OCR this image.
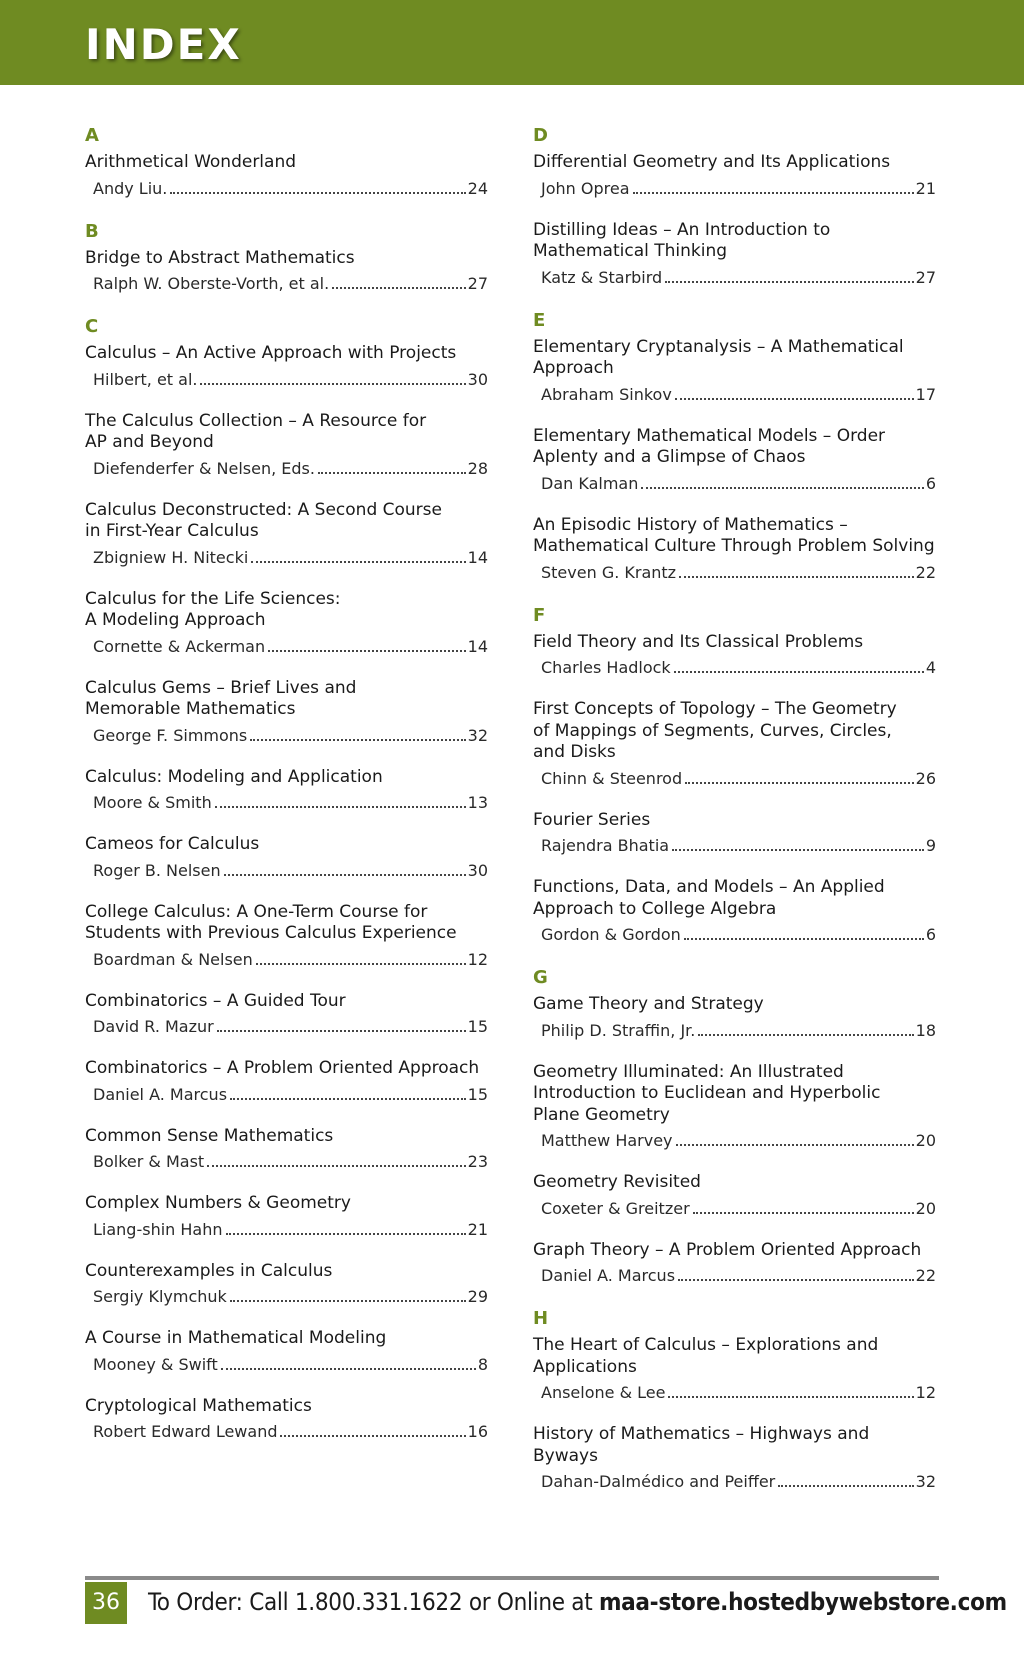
INDEX
A
Arithmetical Wonderland
Andy Liu.	24
B
Bridge to Abstract Mathematics
Ralph W. Oberste-Vorth, et al.	27
C
Calculus – An Active Approach with Projects
Hilbert, et al.	30
The Calculus Collection – A Resource for
AP and Beyond
Diefenderfer & Nelsen, Eds.	28
Calculus Deconstructed: A Second Course
in First-Year Calculus
Zbigniew H. Nitecki	14
Calculus for the Life Sciences:
A Modeling Approach
Cornette & Ackerman	14
Calculus Gems – Brief Lives and
Memorable Mathematics
George F. Simmons	32
Calculus: Modeling and Application
Moore & Smith	13
Cameos for Calculus
Roger B. Nelsen	30
College Calculus: A One-Term Course for
Students with Previous Calculus Experience
Boardman & Nelsen	12
Combinatorics – A Guided Tour
David R. Mazur	15
Combinatorics – A Problem Oriented Approach
Daniel A. Marcus	15
Common Sense Mathematics
Bolker & Mast	23
Complex Numbers & Geometry
Liang-shin Hahn	21
Counterexamples in Calculus
Sergiy Klymchuk	29
A Course in Mathematical Modeling
Mooney & Swift	8
Cryptological Mathematics
Robert Edward Lewand	16
D
Differential Geometry and Its Applications
John Oprea	21
Distilling Ideas – An Introduction to
Mathematical Thinking
Katz & Starbird	27
E
Elementary Cryptanalysis – A Mathematical
Approach
Abraham Sinkov	17
Elementary Mathematical Models – Order
Aplenty and a Glimpse of Chaos
Dan Kalman	6
An Episodic History of Mathematics –
Mathematical Culture Through Problem Solving
Steven G. Krantz	22
F
Field Theory and Its Classical Problems
Charles Hadlock	4
First Concepts of Topology – The Geometry
of Mappings of Segments, Curves, Circles,
and Disks
Chinn & Steenrod	26
Fourier Series
Rajendra Bhatia	9
Functions, Data, and Models – An Applied
Approach to College Algebra
Gordon & Gordon	6
G
Game Theory and Strategy
Philip D. Straffin, Jr.	18
Geometry Illuminated: An Illustrated
Introduction to Euclidean and Hyperbolic
Plane Geometry
Matthew Harvey	20
Geometry Revisited
Coxeter & Greitzer	20
Graph Theory – A Problem Oriented Approach
Daniel A. Marcus	22
H
The Heart of Calculus – Explorations and
Applications
Anselone & Lee	12
History of Mathematics – Highways and Byways
Dahan-Dalmédico and Peiffer	32
36 To Order: Call 1.800.331.1622 or Online at maa-store.hostedbywebstore.com
